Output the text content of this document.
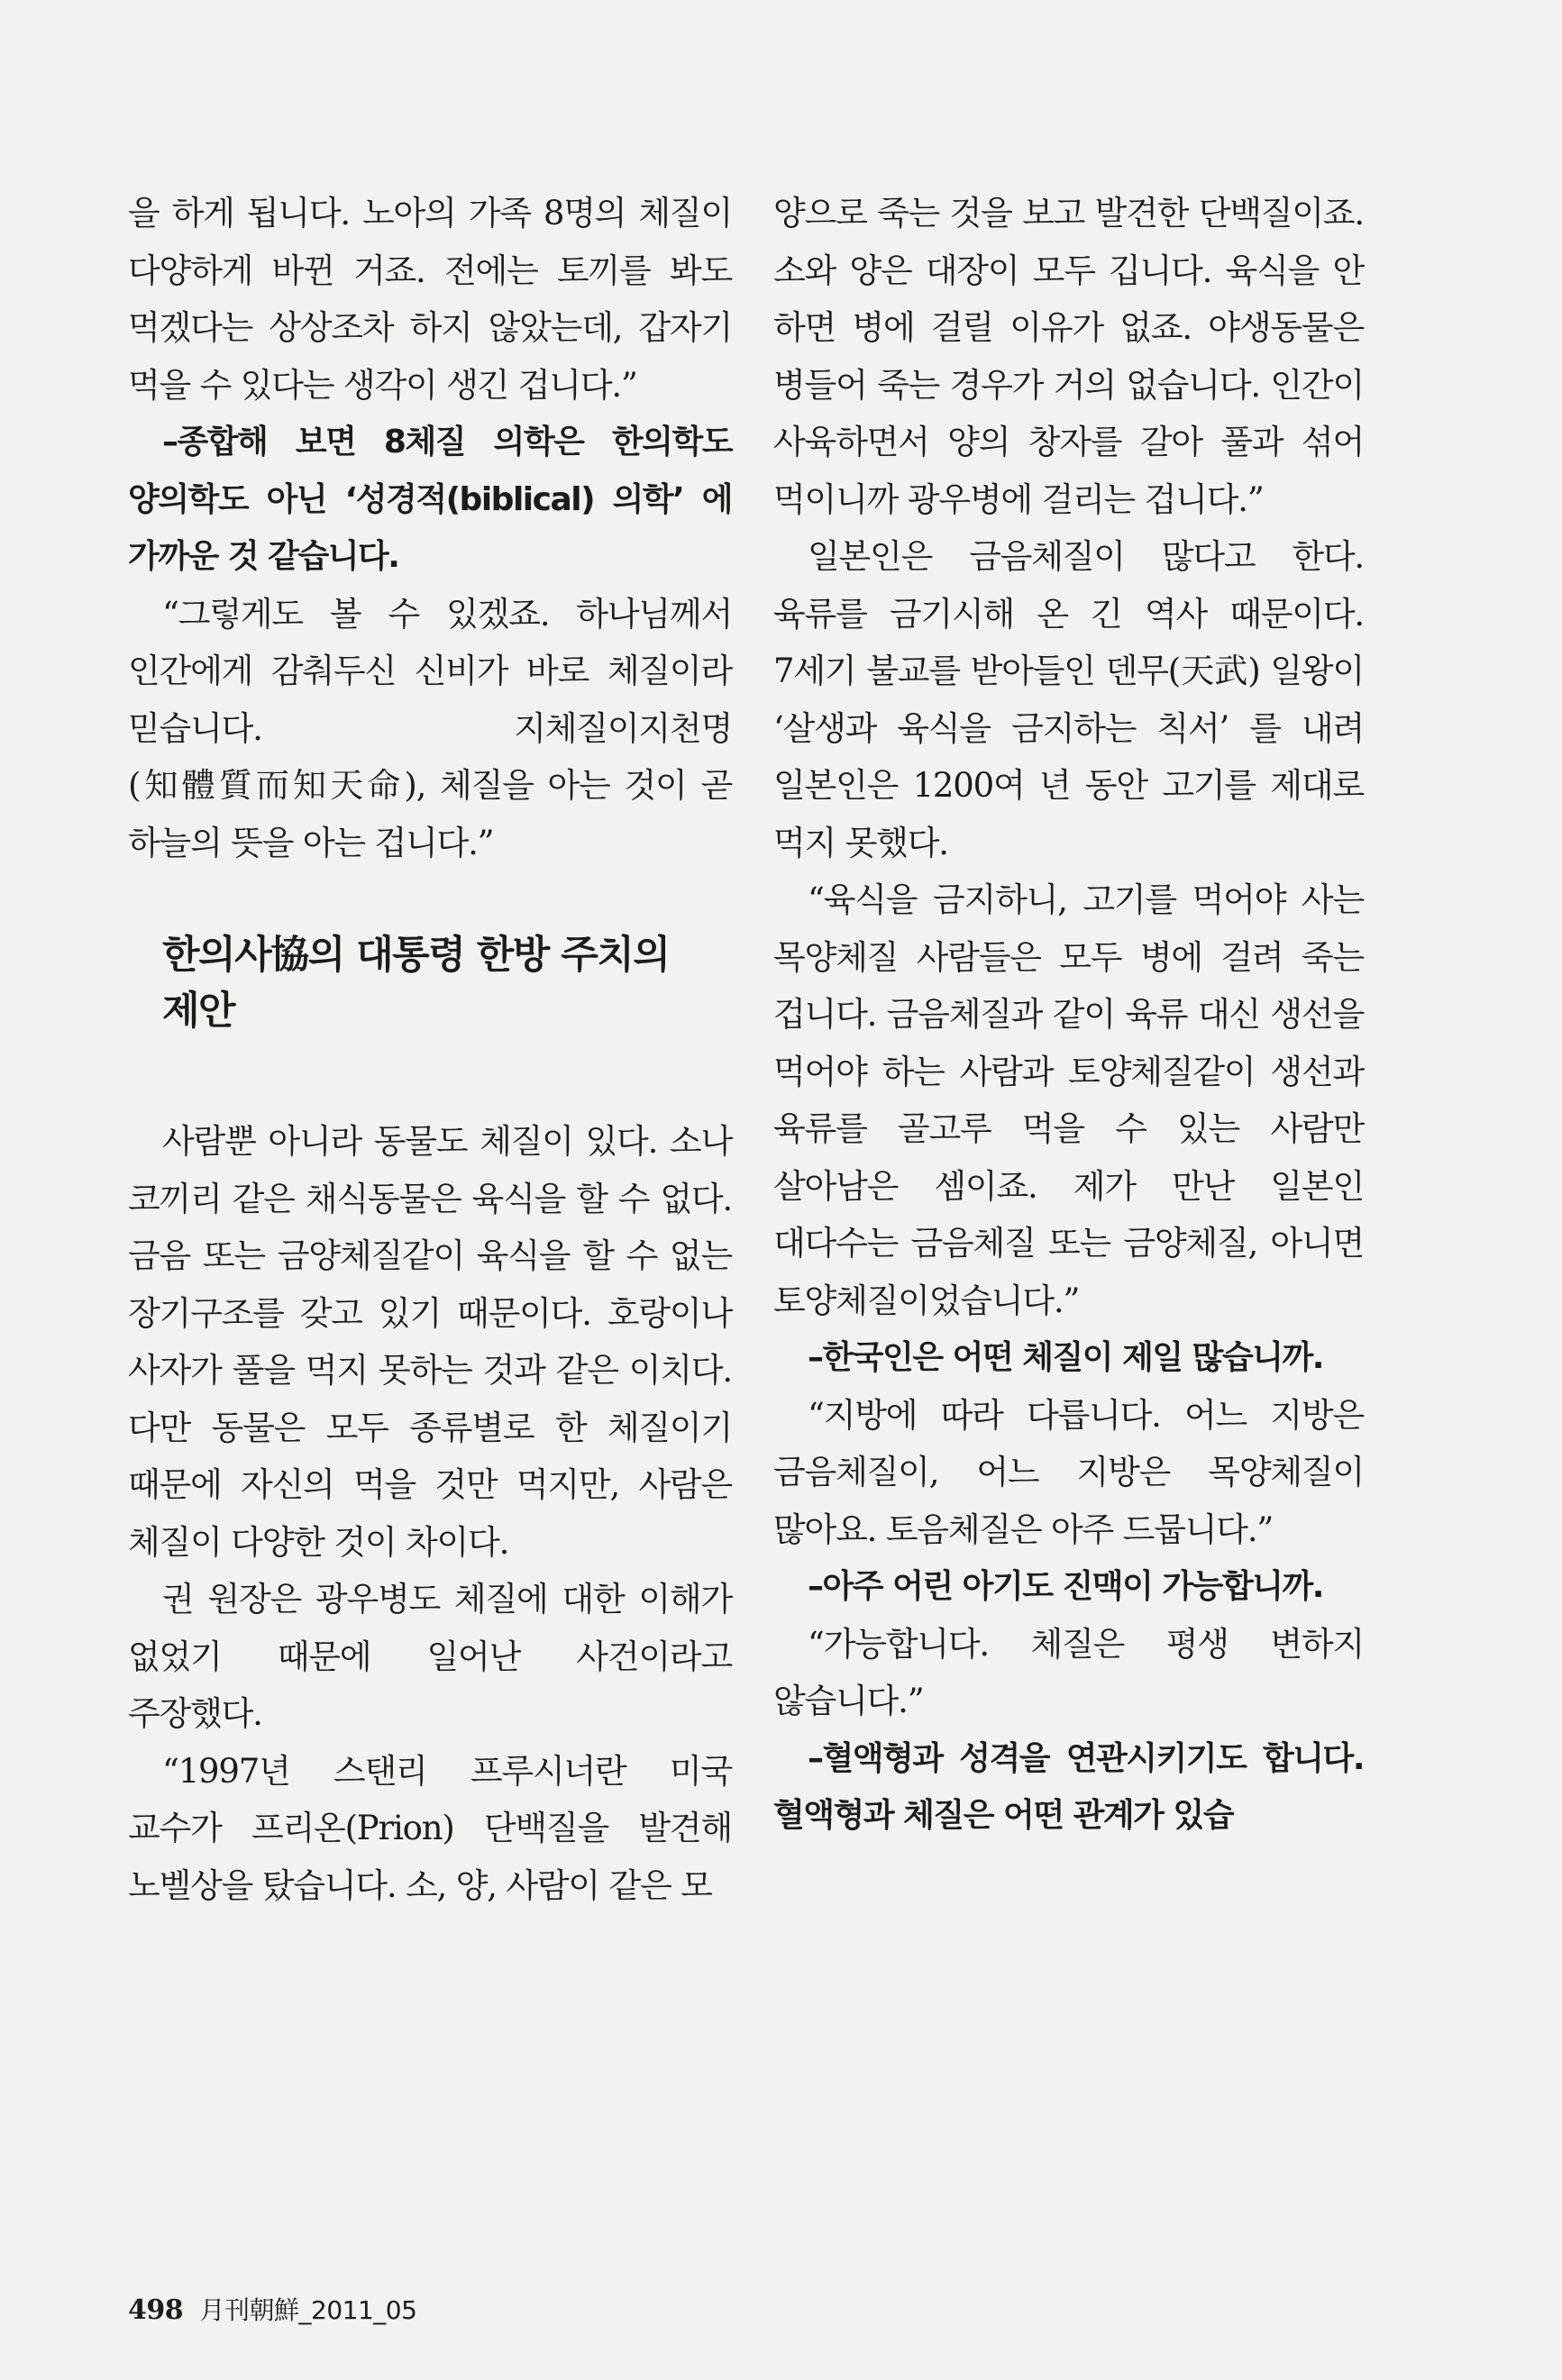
을 하게 됩니다. 노아의 가족 8명의 체질이 다양하게 바뀐 거죠. 전에는 토끼를 봐도 먹겠다는 상상조차 하지 않았는데, 갑자기 먹을 수 있다는 생각이 생긴 겁니다.”

–종합해 보면 8체질 의학은 한의학도 양의학도 아닌 ‘성경적(biblical) 의학’ 에 가까운 것 같습니다.

“그렇게도 볼 수 있겠죠. 하나님께서 인간에게 감춰두신 신비가 바로 체질이라 믿습니다. 지체질이지천명(知體質而知天命), 체질을 아는 것이 곧 하늘의 뜻을 아는 겁니다.”

한의사協의 대통령 한방 주치의 제안

사람뿐 아니라 동물도 체질이 있다. 소나 코끼리 같은 채식동물은 육식을 할 수 없다. 금음 또는 금양체질같이 육식을 할 수 없는 장기구조를 갖고 있기 때문이다. 호랑이나 사자가 풀을 먹지 못하는 것과 같은 이치다. 다만 동물은 모두 종류별로 한 체질이기 때문에 자신의 먹을 것만 먹지만, 사람은 체질이 다양한 것이 차이다.

권 원장은 광우병도 체질에 대한 이해가 없었기 때문에 일어난 사건이라고 주장했다.

“1997년 스탠리 프루시너란 미국 교수가 프리온(Prion) 단백질을 발견해 노벨상을 탔습니다. 소, 양, 사람이 같은 모

양으로 죽는 것을 보고 발견한 단백질이죠. 소와 양은 대장이 모두 깁니다. 육식을 안 하면 병에 걸릴 이유가 없죠. 야생동물은 병들어 죽는 경우가 거의 없습니다. 인간이 사육하면서 양의 창자를 갈아 풀과 섞어 먹이니까 광우병에 걸리는 겁니다.”

일본인은 금음체질이 많다고 한다. 육류를 금기시해 온 긴 역사 때문이다. 7세기 불교를 받아들인 덴무(天武) 일왕이 ‘살생과 육식을 금지하는 칙서’ 를 내려 일본인은 1200여 년 동안 고기를 제대로 먹지 못했다.

“육식을 금지하니, 고기를 먹어야 사는 목양체질 사람들은 모두 병에 걸려 죽는 겁니다. 금음체질과 같이 육류 대신 생선을 먹어야 하는 사람과 토양체질같이 생선과 육류를 골고루 먹을 수 있는 사람만 살아남은 셈이죠. 제가 만난 일본인 대다수는 금음체질 또는 금양체질, 아니면 토양체질이었습니다.”

–한국인은 어떤 체질이 제일 많습니까.

“지방에 따라 다릅니다. 어느 지방은 금음체질이, 어느 지방은 목양체질이 많아요. 토음체질은 아주 드뭅니다.”

–아주 어린 아기도 진맥이 가능합니까.

“가능합니다. 체질은 평생 변하지 않습니다.”

–혈액형과 성격을 연관시키기도 합니다. 혈액형과 체질은 어떤 관계가 있습

498 月刊朝鮮_2011_05
